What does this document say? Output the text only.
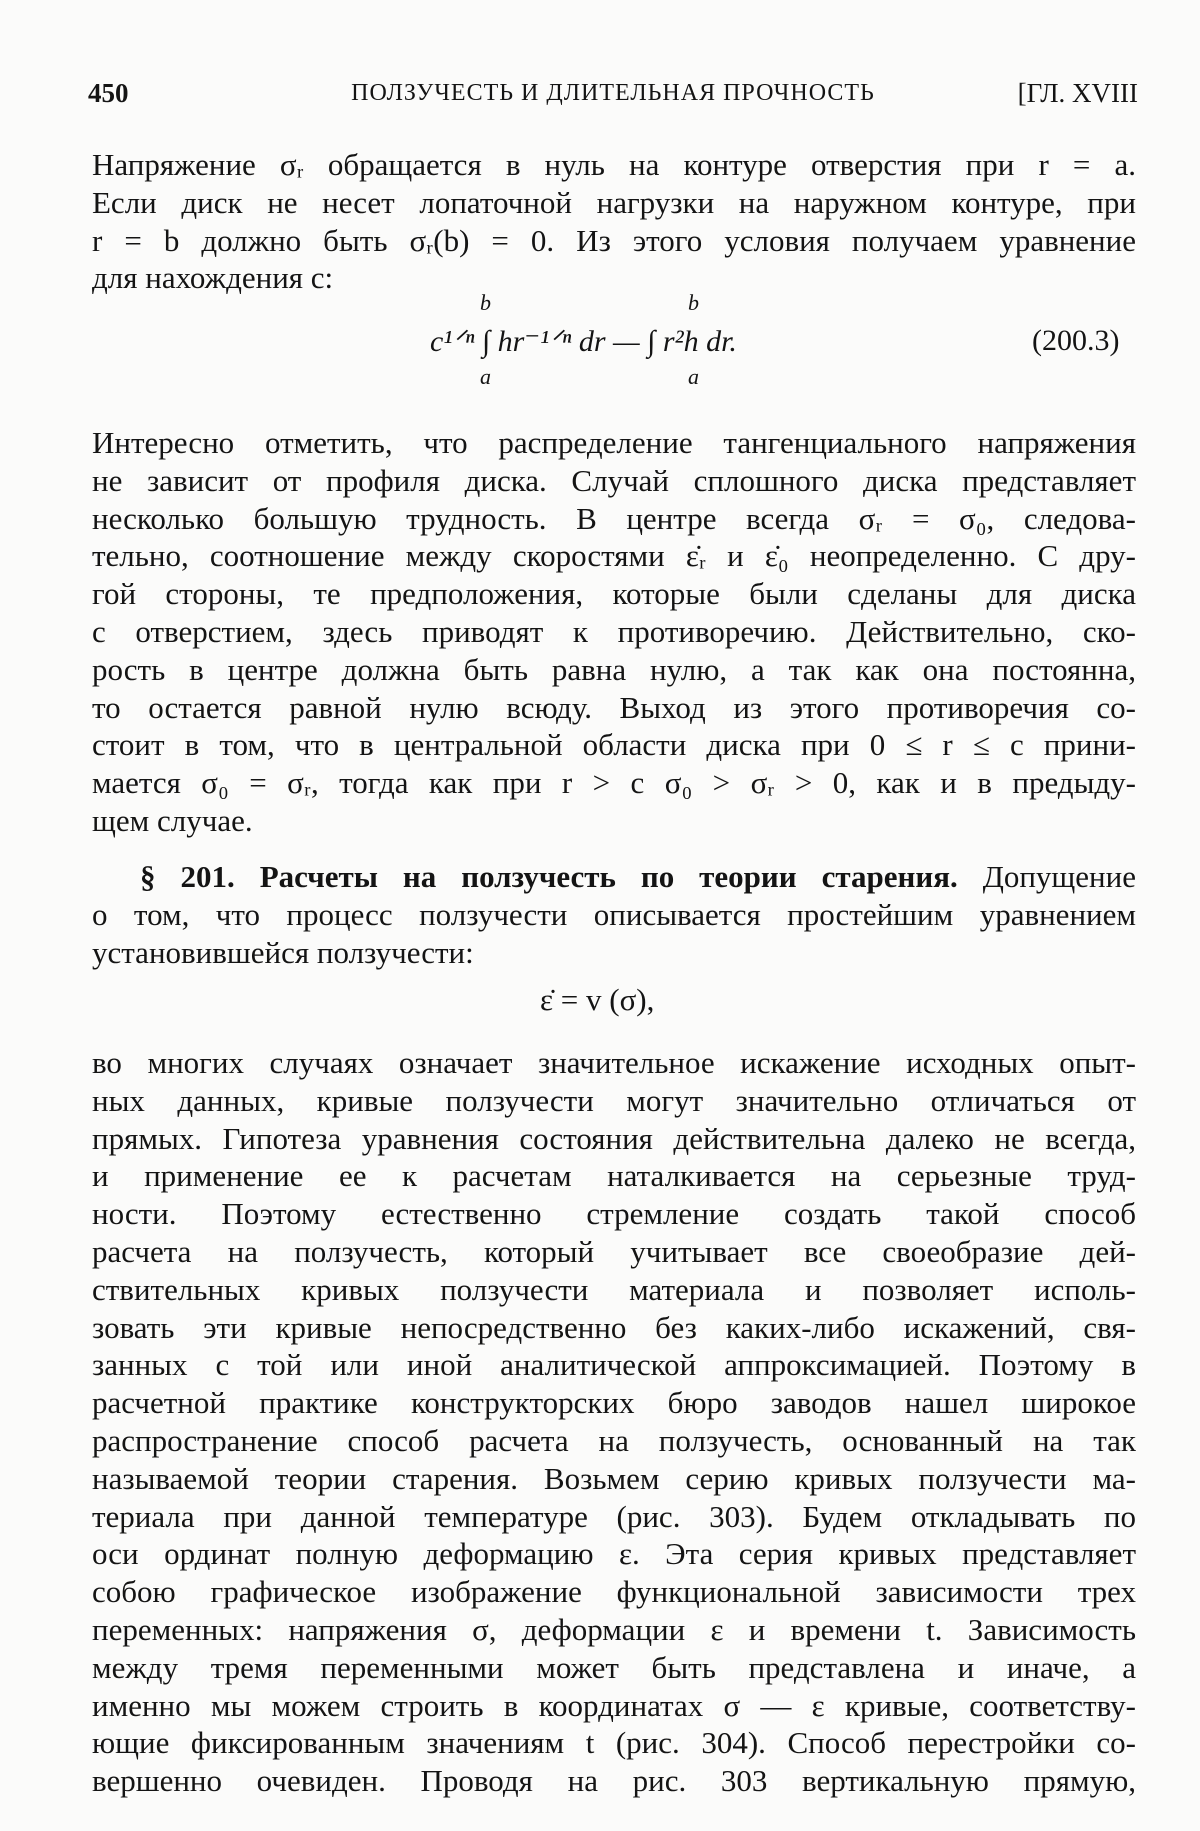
450	ПОЛЗУЧЕСТЬ И ДЛИТЕЛЬНАЯ ПРОЧНОСТЬ	[ГЛ. XVIII
Напряжение σᵣ обращается в нуль на контуре отверстия при r = a.
Если диск не несет лопаточной нагрузки на наружном контуре, при
r = b должно быть σᵣ(b) = 0. Из этого условия получаем уравнение
для нахождения c:
b
a
b
a
c¹ᐟⁿ ∫ hr⁻¹ᐟⁿ dr — ∫ r²h dr.	(200.3)
Интересно отметить, что распределение тангенциального напряжения
не зависит от профиля диска. Случай сплошного диска представляет
несколько большую трудность. В центре всегда σᵣ = σ₀, следова-
тельно, соотношение между скоростями ε̇ᵣ и ε̇₀ неопределенно. С дру-
гой стороны, те предположения, которые были сделаны для диска
с отверстием, здесь приводят к противоречию. Действительно, ско-
рость в центре должна быть равна нулю, а так как она постоянна,
то остается равной нулю всюду. Выход из этого противоречия со-
стоит в том, что в центральной области диска при 0 ≤ r ≤ c прини-
мается σ₀ = σᵣ, тогда как при r > c σ₀ > σᵣ > 0, как и в предыду-
щем случае.
§ 201. Расчеты на ползучесть по теории старения. Допущение
о том, что процесс ползучести описывается простейшим уравнением
установившейся ползучести:
ε̇ = v (σ),
во многих случаях означает значительное искажение исходных опыт-
ных данных, кривые ползучести могут значительно отличаться от
прямых. Гипотеза уравнения состояния действительна далеко не всегда,
и применение ее к расчетам наталкивается на серьезные труд-
ности. Поэтому естественно стремление создать такой способ
расчета на ползучесть, который учитывает все своеобразие дей-
ствительных кривых ползучести материала и позволяет исполь-
зовать эти кривые непосредственно без каких-либо искажений, свя-
занных с той или иной аналитической аппроксимацией. Поэтому в
расчетной практике конструкторских бюро заводов нашел широкое
распространение способ расчета на ползучесть, основанный на так
называемой теории старения. Возьмем серию кривых ползучести ма-
териала при данной температуре (рис. 303). Будем откладывать по
оси ординат полную деформацию ε. Эта серия кривых представляет
собою графическое изображение функциональной зависимости трех
переменных: напряжения σ, деформации ε и времени t. Зависимость
между тремя переменными может быть представлена и иначе, а
именно мы можем строить в координатах σ — ε кривые, соответству-
ющие фиксированным значениям t (рис. 304). Способ перестройки со-
вершенно очевиден. Проводя на рис. 303 вертикальную прямую,
